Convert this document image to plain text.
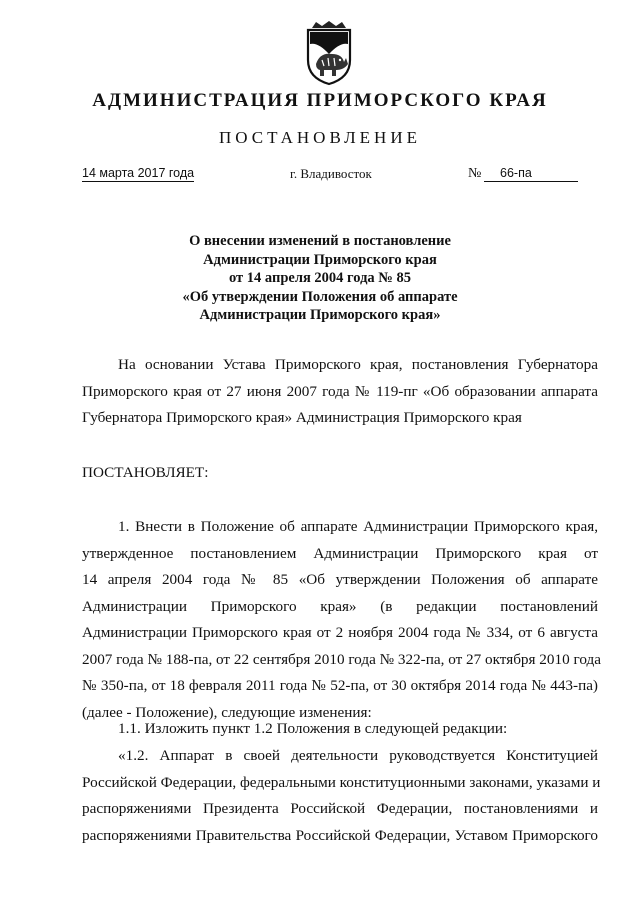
АДМИНИСТРАЦИЯ ПРИМОРСКОГО КРАЯ
ПОСТАНОВЛЕНИЕ
14 марта 2017 года	г. Владивосток	№	66-па
О внесении изменений в постановление
Администрации Приморского края
от 14 апреля 2004 года № 85
«Об утверждении Положения об аппарате
Администрации Приморского края»
На основании Устава Приморского края, постановления Губернатора
Приморского края от 27 июня 2007 года № 119-пг «Об образовании аппарата
Губернатора Приморского края» Администрация Приморского края
ПОСТАНОВЛЯЕТ:
1. Внести в Положение об аппарате Администрации Приморского края,
утвержденное постановлением Администрации Приморского края от
14 апреля 2004 года № 85 «Об утверждении Положения об аппарате
Администрации Приморского края» (в редакции постановлений
Администрации Приморского края от 2 ноября 2004 года № 334, от 6 августа
2007 года № 188-па, от 22 сентября 2010 года № 322-па, от 27 октября 2010 года
№ 350-па, от 18 февраля 2011 года № 52-па, от 30 октября 2014 года № 443-па)
(далее - Положение), следующие изменения:
1.1. Изложить пункт 1.2 Положения в следующей редакции:
«1.2. Аппарат в своей деятельности руководствуется Конституцией
Российской Федерации, федеральными конституционными законами, указами и
распоряжениями Президента Российской Федерации, постановлениями и
распоряжениями Правительства Российской Федерации, Уставом Приморского
